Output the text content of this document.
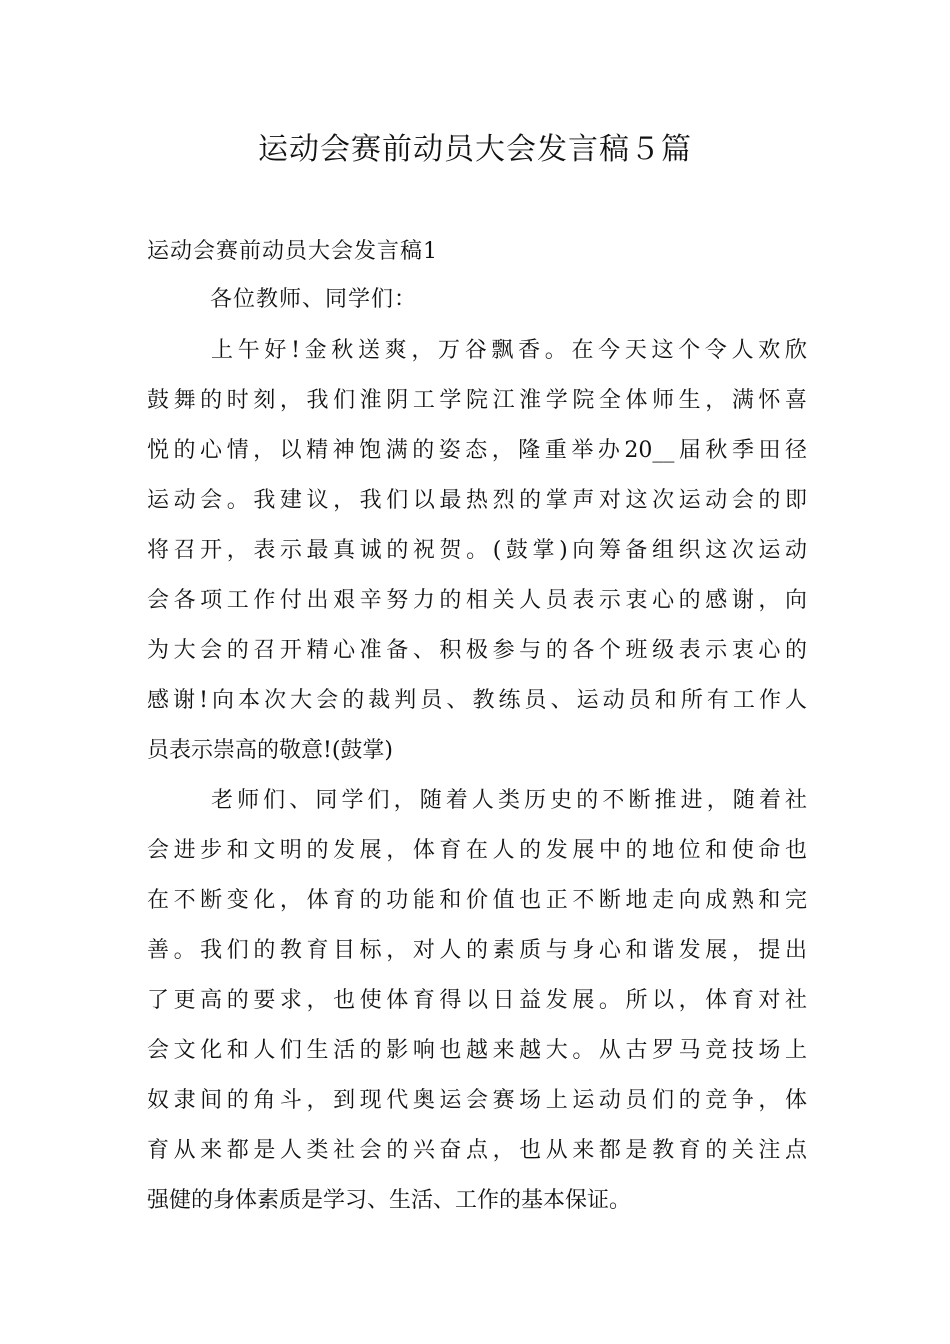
运动会赛前动员大会发言稿５篇
运动会赛前动员大会发言稿1
各位教师、同学们：
上午好!金秋送爽，万谷飘香。在今天这个令人欢欣
鼓舞的时刻，我们淮阴工学院江淮学院全体师生，满怀喜
悦的心情，以精神饱满的姿态，隆重举办20__届秋季田径
运动会。我建议，我们以最热烈的掌声对这次运动会的即
将召开，表示最真诚的祝贺。(鼓掌)向筹备组织这次运动
会各项工作付出艰辛努力的相关人员表示衷心的感谢，向
为大会的召开精心准备、积极参与的各个班级表示衷心的
感谢!向本次大会的裁判员、教练员、运动员和所有工作人
员表示崇高的敬意!(鼓掌)
老师们、同学们，随着人类历史的不断推进，随着社
会进步和文明的发展，体育在人的发展中的地位和使命也
在不断变化，体育的功能和价值也正不断地走向成熟和完
善。我们的教育目标，对人的素质与身心和谐发展，提出
了更高的要求，也使体育得以日益发展。所以，体育对社
会文化和人们生活的影响也越来越大。从古罗马竞技场上
奴隶间的角斗，到现代奥运会赛场上运动员们的竞争，体
育从来都是人类社会的兴奋点，也从来都是教育的关注点
强健的身体素质是学习、生活、工作的基本保证。
